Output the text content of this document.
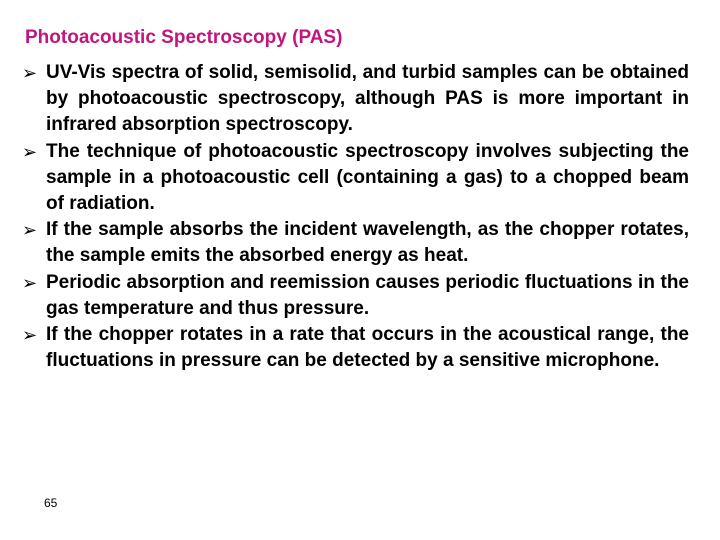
Photoacoustic Spectroscopy (PAS)
➢ UV-Vis spectra of solid, semisolid, and turbid samples can be obtained by photoacoustic spectroscopy, although PAS is more important in infrared absorption spectroscopy.
➢ The technique of photoacoustic spectroscopy involves subjecting the sample in a photoacoustic cell (containing a gas) to a chopped beam of radiation.
➢ If the sample absorbs the incident wavelength, as the chopper rotates, the sample emits the absorbed energy as heat.
➢ Periodic absorption and reemission causes periodic fluctuations in the gas temperature and thus pressure.
➢ If the chopper rotates in a rate that occurs in the acoustical range, the fluctuations in pressure can be detected by a sensitive microphone.
65
